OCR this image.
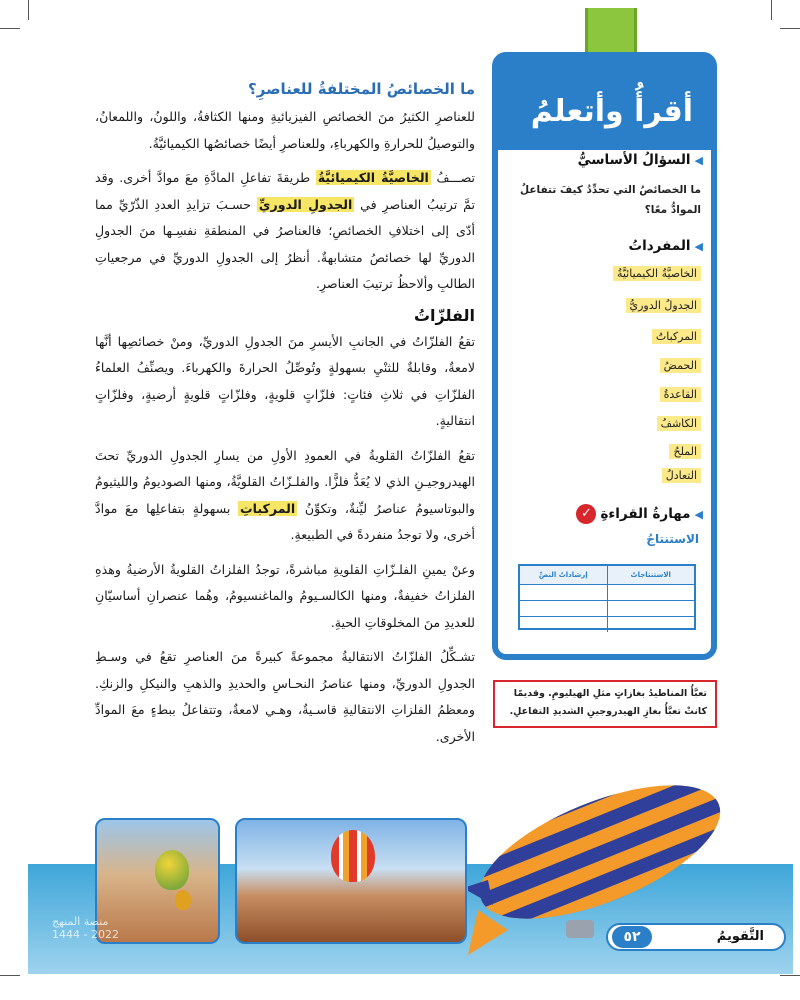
ما الخصائصُ المختلفةُ للعناصرِ؟

للعناصرِ الكثيرُ منَ الخصائصِ الفيزيائيةِ ومنها الكثافةُ، واللونُ، واللمعانُ، والتوصيلُ للحرارةِ والكهرباءِ، وللعناصرِ أيضًا خصائصُها الكيميائيَّةُ.

تصـــفُ الخاصيَّةُ الكيميائيَّةُ طريقةَ تفاعلِ المادَّةِ معَ موادَّ أخرى. وقد تمَّ ترتيبُ العناصرِ في الجدولِ الدوريِّ حسـبَ تزايدِ العددِ الذّرّيِّ مما أدّى إلى اختلافِ الخصائصِ؛ فالعناصرُ في المنطقةِ نفسِـها منَ الجدولِ الدوريِّ لها خصائصُ متشابهةٌ. أنظرُ إلى الجدولِ الدوريِّ في مرجعياتِ الطالبِ وألاحظُ ترتيبَ العناصرِ.

الفلزّاتُ

تقعُ الفلزّاتُ في الجانبِ الأيسرِ منَ الجدولِ الدوريِّ، ومنْ خصائصِها أنَّها لامعةٌ، وقابلةٌ للثنْيِ بسهولةٍ وتُوصِّلُ الحرارةَ والكهرباءَ. ويصنِّفُ العلماءُ الفلزّاتِ في ثلاثِ فئاتٍ: فلزّاتٍ قلويةٍ، وفلزّاتٍ قلويةٍ أرضيةٍ، وفلزّاتٍ انتقاليةٍ.

تقعُ الفلزّاتُ القلويةُ في العمودِ الأولِ من يسارِ الجدولِ الدوريِّ تحتَ الهيدروجيـنِ الذي لا يُعَدُّ فلزًّا. والفلـزّاتُ القلويَّةُ، ومنها الصوديومُ والليثيومُ والبوتاسيومُ عناصرُ ليِّنةٌ، وتكوِّنُ المركباتِ بسهولةٍ بتفاعلِها معَ موادَّ أخرى، ولا توجدُ منفردةً في الطبيعةِ.

وعنْ يمينِ الفلـزّاتِ القلويةِ مباشرةً، توجدُ الفلزاتُ القلويةُ الأرضيةُ وهذهِ الفلزاتُ خفيفةٌ، ومنها الكالسـيومُ والماغنسيومُ، وهُما عنصرانِ أساسيّانِ للعديدِ منَ المخلوقاتِ الحيةِ.

تشـكِّلُ الفلزّاتُ الانتقاليةُ مجموعةً كبيرةً منَ العناصرِ تقعُ في وسـطِ الجدولِ الدوريِّ، ومنها عناصرُ النحـاسِ والحديدِ والذهبِ والنيكلِ والزنكِ. ومعظمُ الفلزاتِ الانتقاليةِ قاسـيةٌ، وهـي لامعةٌ، وتتفاعلُ ببطءٍ معَ الموادِّ الأخرى.

أقرأُ وأتعلمُ
◀السؤالُ الأساسيُّ
ما الخصائصُ التي تحدِّدُ كيفَ تتفاعلُ الموادُّ معًا؟
◀المفرداتُ
الخاصيَّةُ الكيميائيَّةُ
الجدولُ الدوريُّ
المركباتُ
الحمضُ
القاعدةُ
الكاشفُ
الملحُ
التعادلُ
◀مهارةُ القراءةِ✓
الاستنتاجُ
الاستنتاجاتُ
إرشاداتُ النصِّ
تعبَّأُ المناطيدُ بغازاتٍ مثلِ الهيليومِ. وقديمًا كانتْ تعبَّأُ بغازِ الهيدروجينِ الشديدِ التفاعلِ.
٥٢	التَّقويمُ
منصة المنهج
2022 - 1444
